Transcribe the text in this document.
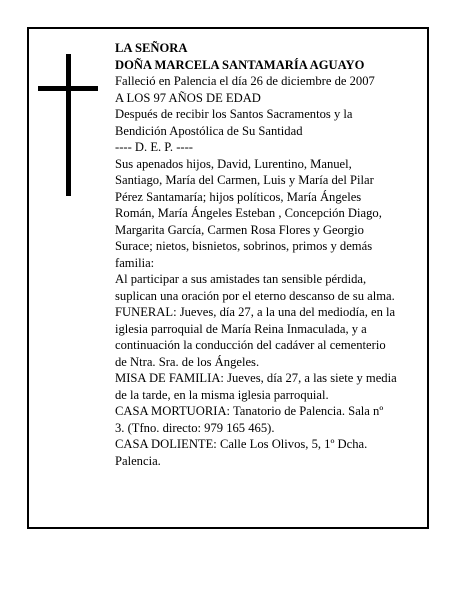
LA SEÑORA
DOÑA MARCELA SANTAMARÍA AGUAYO
Falleció en Palencia el día 26 de diciembre de 2007
A LOS 97 AÑOS DE EDAD
Después de recibir los Santos Sacramentos y la
Bendición Apostólica de Su Santidad
---- D. E. P. ----
Sus apenados hijos, David, Lurentino, Manuel,
Santiago, María del Carmen, Luis y María del Pilar
Pérez Santamaría; hijos políticos, María Ángeles
Román, María Ángeles Esteban , Concepción Diago,
Margarita García, Carmen Rosa Flores y Georgio
Surace; nietos, bisnietos, sobrinos, primos y demás
familia:
Al participar a sus amistades tan sensible pérdida,
suplican una oración por el eterno descanso de su alma.
FUNERAL: Jueves, día 27, a la una del mediodía, en la
iglesia parroquial de María Reina Inmaculada, y a
continuación la conducción del cadáver al cementerio
de Ntra. Sra. de los Ángeles.
MISA DE FAMILIA: Jueves, día 27, a las siete y media
de la tarde, en la misma iglesia parroquial.
CASA MORTUORIA: Tanatorio de Palencia. Sala nº
3. (Tfno. directo: 979 165 465).
CASA DOLIENTE: Calle Los Olivos, 5, 1º Dcha.
Palencia.
